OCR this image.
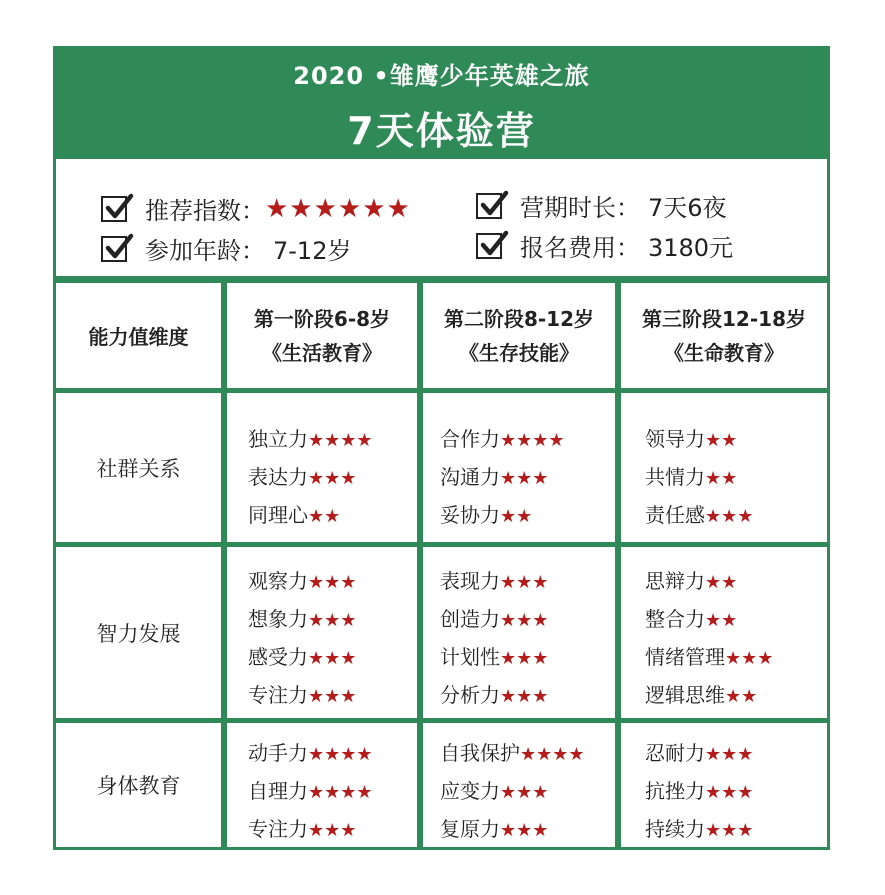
2020 •雏鹰少年英雄之旅
7天体验营
推荐指数： ★★★★★★	营期时长： 7天6夜
参加年龄： 7-12岁	报名费用： 3180元
能力值维度
第一阶段6-8岁
《生活教育》
第二阶段8-12岁
《生存技能》
第三阶段12-18岁
《生命教育》
社群关系
独立力★★★★
表达力★★★
同理心★★
合作力★★★★
沟通力★★★
妥协力★★
领导力★★
共情力★★
责任感★★★
智力发展
观察力★★★
想象力★★★
感受力★★★
专注力★★★
表现力★★★
创造力★★★
计划性★★★
分析力★★★
思辩力★★
整合力★★
情绪管理★★★
逻辑思维★★
身体教育
动手力★★★★
自理力★★★★
专注力★★★
自我保护★★★★
应变力★★★
复原力★★★
忍耐力★★★
抗挫力★★★
持续力★★★
